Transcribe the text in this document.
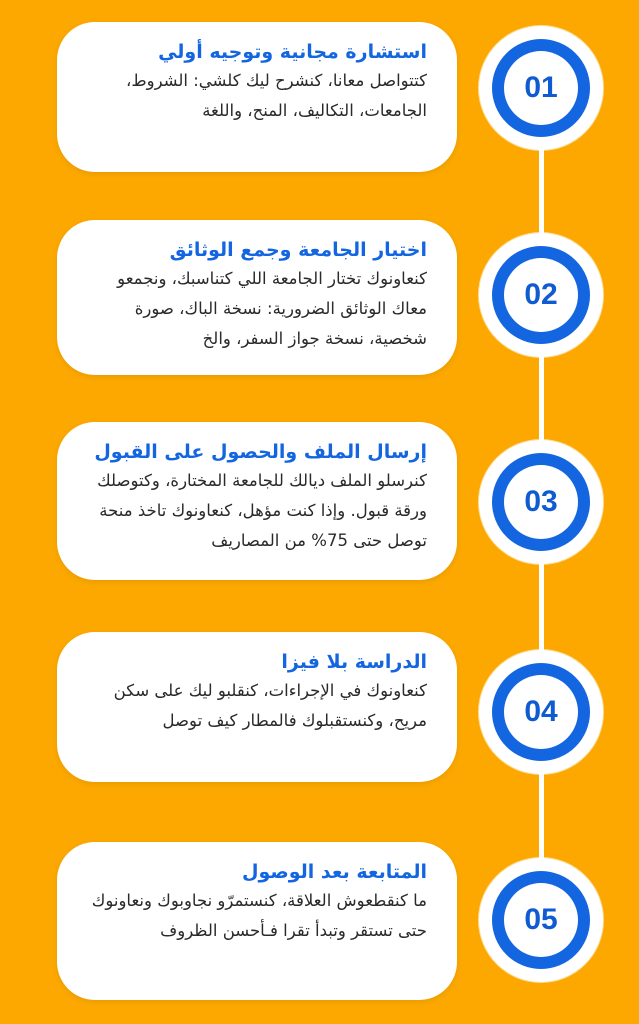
استشارة مجانية وتوجيه أولي

كتتواصل معانا، كنشرح ليك كلشي: الشروط، الجامعات، التكاليف، المنح، واللغة

01

اختيار الجامعة وجمع الوثائق

كنعاونوك تختار الجامعة اللي كتناسبك، ونجمعو معاك الوثائق الضرورية: نسخة الباك، صورة شخصية، نسخة جواز السفر، والخ

02

إرسال الملف والحصول على القبول

كنرسلو الملف ديالك للجامعة المختارة، وكتوصلك ورقة قبول. وإذا كنت مؤهل، كنعاونوك تاخذ منحة توصل حتى 75% من المصاريف

03

الدراسة بلا فيزا

كنعاونوك في الإجراءات، كنقلبو ليك على سكن مريح، وكنستقبلوك فالمطار كيف توصل	04

المتابعة بعد الوصول

ما كنقطعوش العلاقة، كنستمرّو نجاوبوك ونعاونوك حتى تستقر وتبدأ تقرا فـأحسن الظروف	05
